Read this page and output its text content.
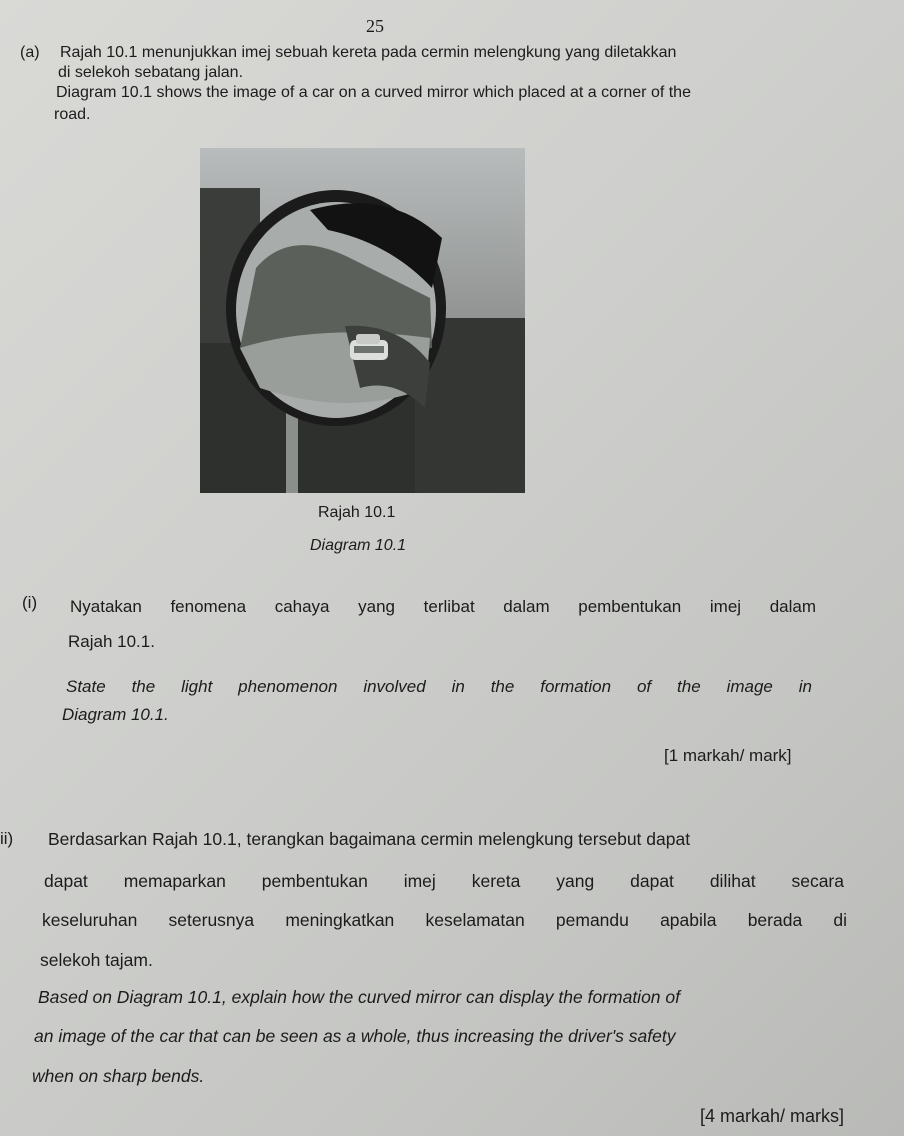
25
(a) Rajah 10.1 menunjukkan imej sebuah kereta pada cermin melengkung yang diletakkan
di selekoh sebatang jalan.
Diagram 10.1 shows the image of a car on a curved mirror which placed at a corner of the
road.
Rajah 10.1
Diagram 10.1
(i) Nyatakan fenomena cahaya yang terlibat dalam pembentukan imej dalam
Rajah 10.1.
State the light phenomenon involved in the formation of the image in
Diagram 10.1.
[1 markah/ mark]
ii) Berdasarkan Rajah 10.1, terangkan bagaimana cermin melengkung tersebut dapat
dapat memaparkan pembentukan imej kereta yang dapat dilihat secara
keseluruhan seterusnya meningkatkan keselamatan pemandu apabila berada di
selekoh tajam.
Based on Diagram 10.1, explain how the curved mirror can display the formation of
an image of the car that can be seen as a whole, thus increasing the driver's safety
when on sharp bends.
[4 markah/ marks]
